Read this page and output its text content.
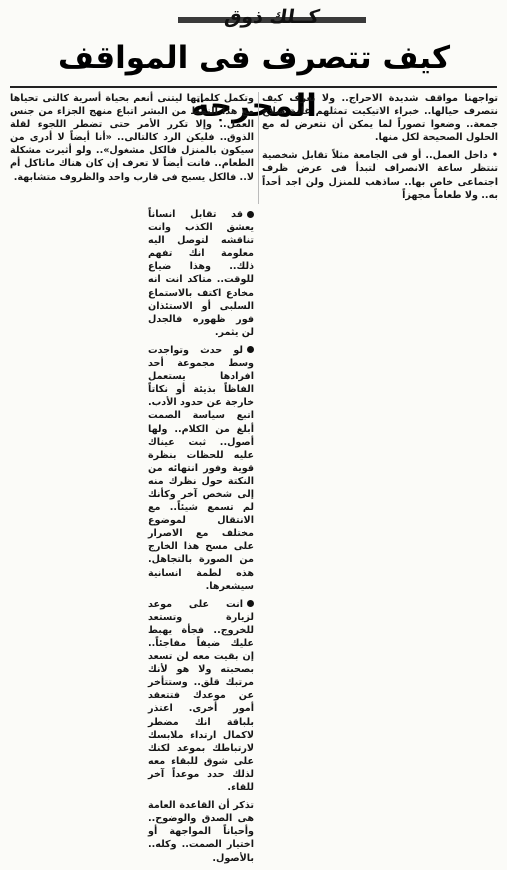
كــلك ذوق
كيف تتصرف فى المواقف المحرجة

تواجهنا مواقف شديدة الاحراج.. ولا نعرف كيف نتصرف حيالها.. خبراء الاتيكيت تمثلهم غادة صلاح جمعة.. وضعوا تصوراً لما يمكن أن نتعرض له مع الحلول الصحيحة لكل منها.

• داخل العمل.. أو فى الجامعة مثلاً تقابل شخصية تنتظر ساعة الانصراف لتبدأ فى عرض ظرف اجتماعى خاص بها.. ساذهب للمنزل ولن اجد أحداً به.. ولا طعاماً مجهزاً

وتكمل كلماتها ليتنى أنعم بحياة أسرية كالتى تحياها مع هذا النمط من البشر اتباع منهج الجزاء من جنس العمل.. وإلا تكرر الأمر حتى تضطر اللجوء لقلة الذوق.. فليكن الرد كالتالى.. «أنا أيضاً لا أدرى من سيكون بالمنزل فالكل مشغول».. ولو أثيرت مشكلة الطعام.. فانت أيضاً لا تعرف إن كان هناك ماتاكل أم لا.. فالكل يسبح فى قارب واحد والظروف متشابهة.

قد تقابل انساناً يعشق الكذب وانت تناقشه لتوصل اليه معلومة انك تفهم ذلك.. وهذا ضياع للوقت.. متاكد انت انه مخادع اكتف بالاستماع السلبى أو الاستئذان فور ظهوره فالجدل لن يثمر.

لو حدث وتواجدت وسط مجموعة أحد افرادها يستعمل الفاظاً بذيئة أو نكاتاً خارجة عن حدود الأدب. اتبع سياسة الصمت أبلغ من الكلام.. ولها أصول.. ثبت عيناك عليه للحظات بنظرة قوية وفور انتهائه من النكتة حول نظرك منه إلى شخص آخر وكأنك لم تسمع شيئاً.. مع الانتقال لموضوع مختلف مع الاصرار على مسح هذا الخارج من الصورة بالتجاهل. هذه لطمة انسانية سيشعرها.

انت على موعد لزيارة وتستعد للخروج.. فجأة يهبط عليك ضيفاً مفاجئاً.. إن بقيت معه لن تسعد بصحبته ولا هو لأنك مرتبك قلق.. وستتأخر عن موعدك فتتعقد أمور أخرى. اعتذر بلباقة انك مضطر لاكمال ارتداء ملابسك لارتباطك بموعد لكنك على شوق للبقاء معه لذلك حدد موعداً آخر للقاء.

تذكر أن القاعدة العامة هى الصدق والوضوح.. وأحياناً المواجهة أو اختيار الصمت.. وكله.. بالأصول.
